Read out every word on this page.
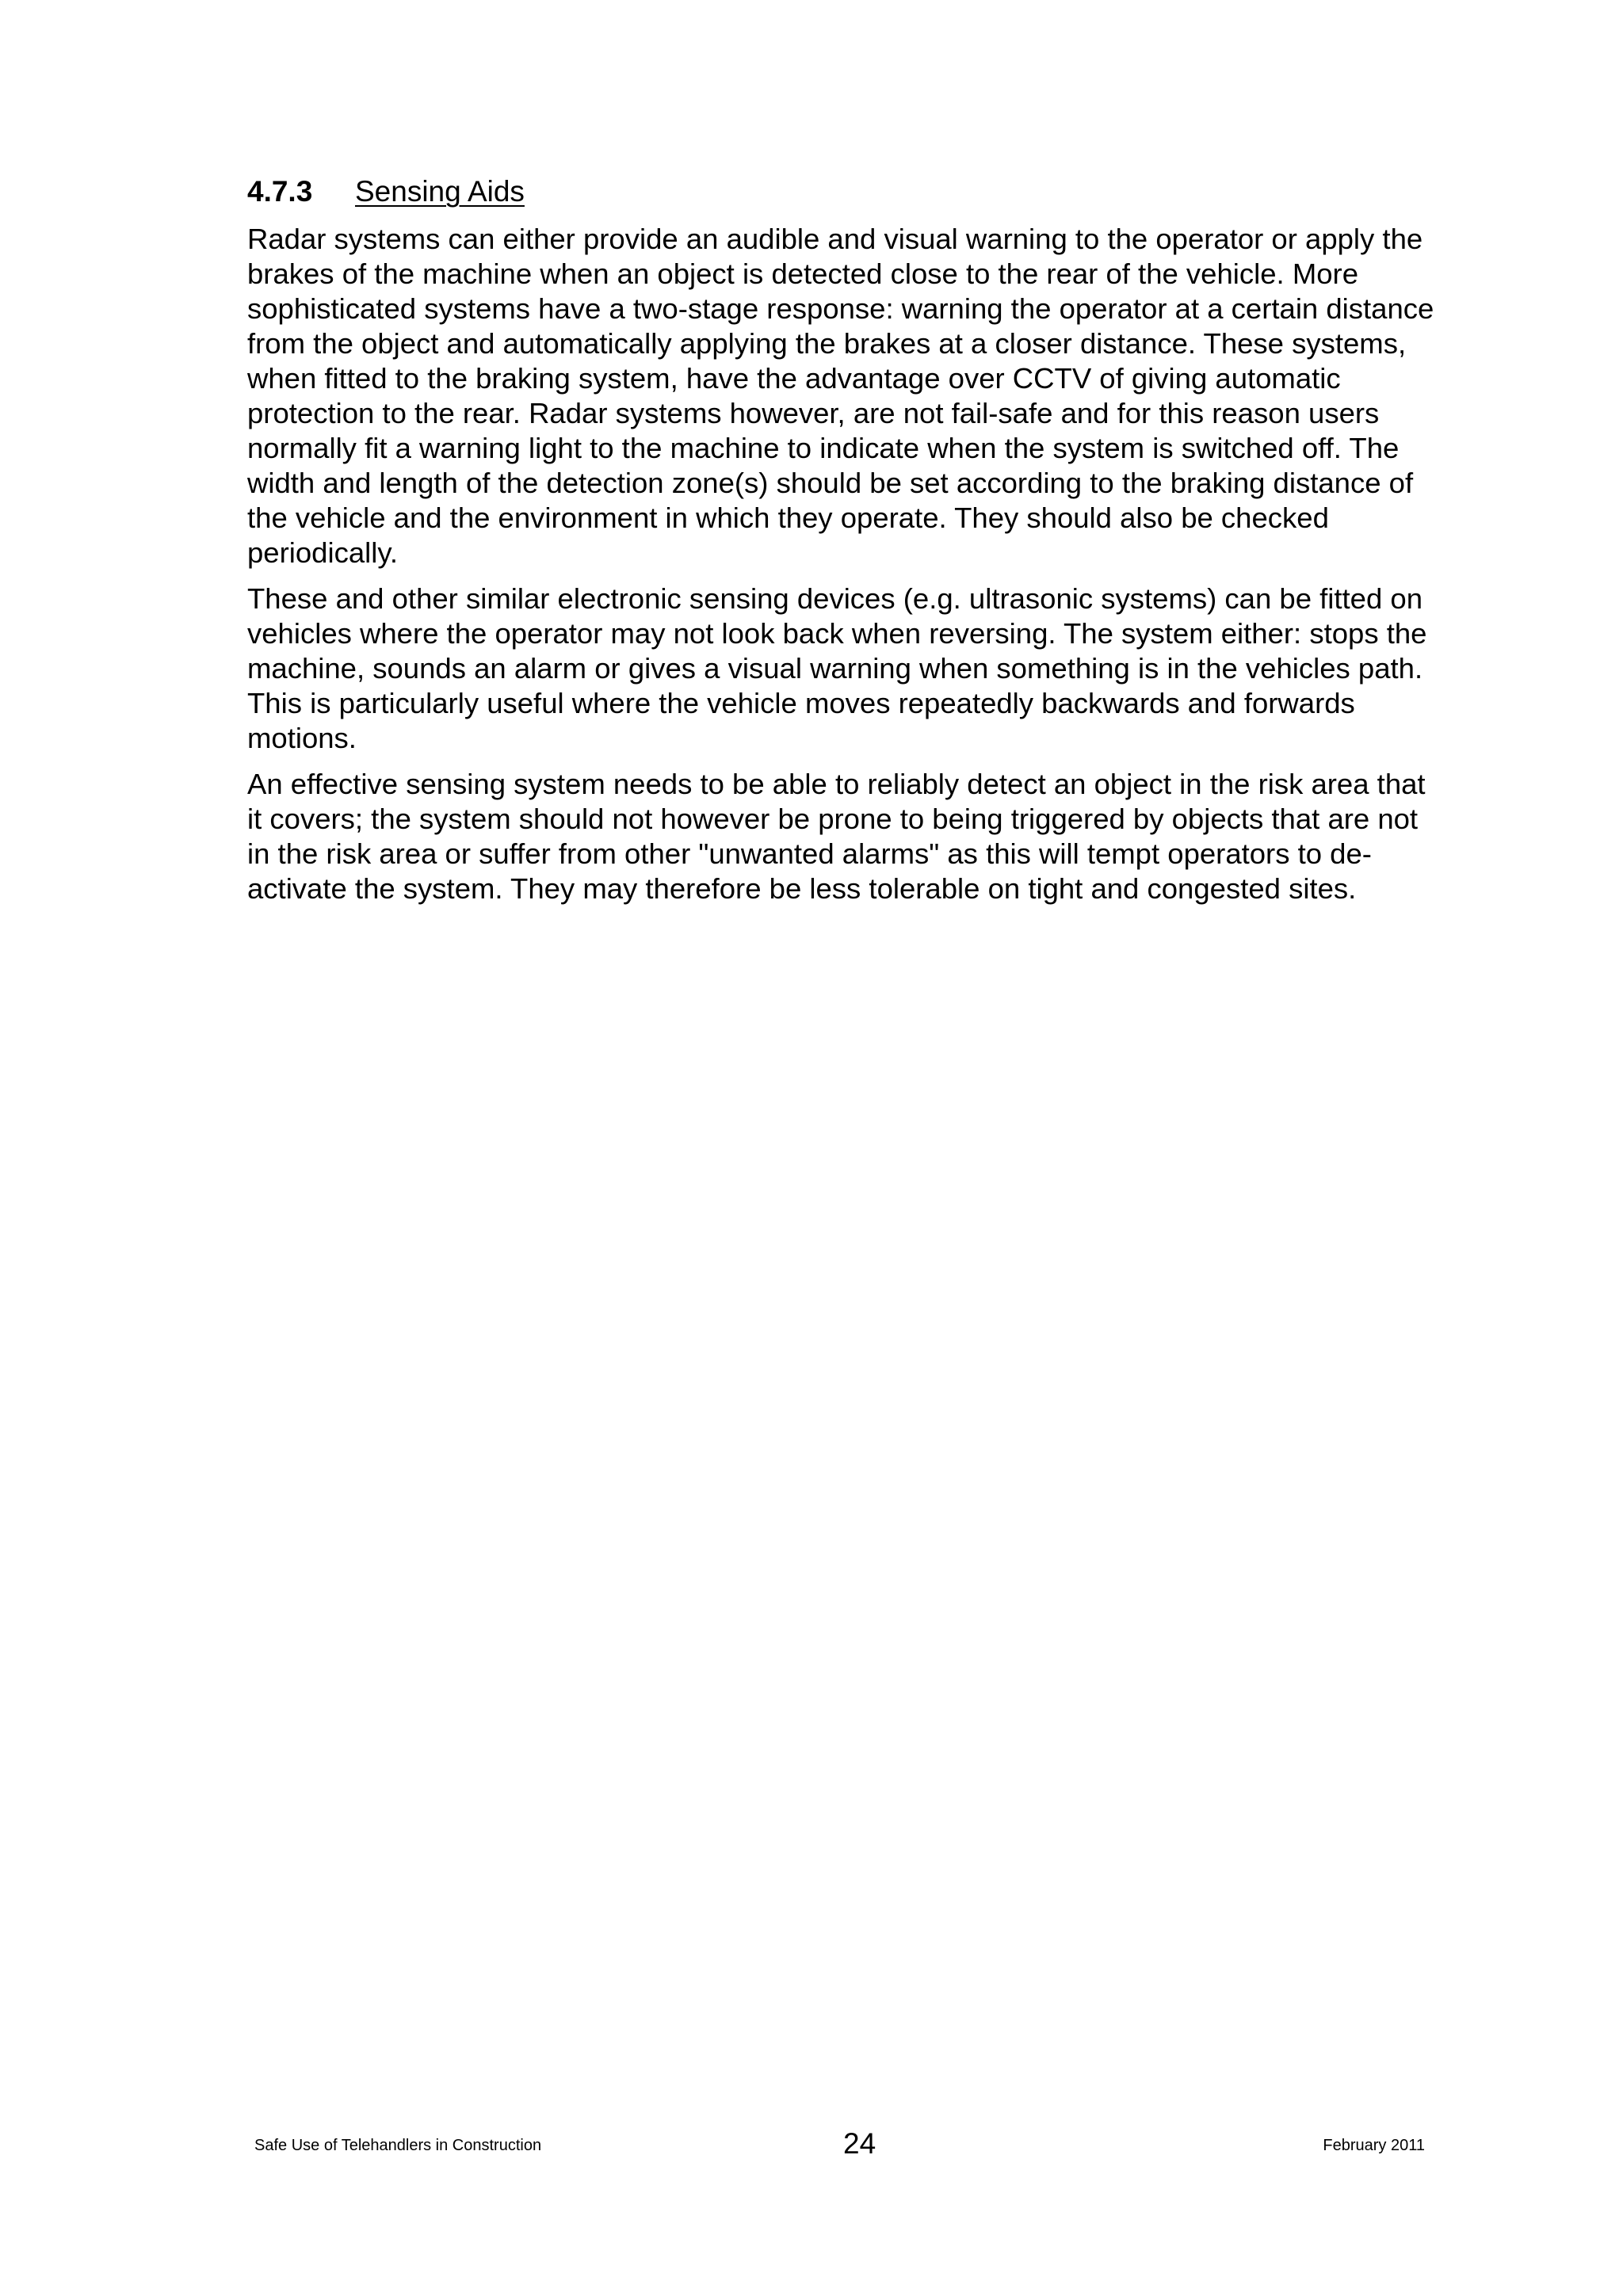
4.7.3 Sensing Aids

Radar systems can either provide an audible and visual warning to the operator or apply the brakes of the machine when an object is detected close to the rear of the vehicle. More sophisticated systems have a two-stage response: warning the operator at a certain distance from the object and automatically applying the brakes at a closer distance. These systems, when fitted to the braking system, have the advantage over CCTV of giving automatic protection to the rear. Radar systems however, are not fail-safe and for this reason users normally fit a warning light to the machine to indicate when the system is switched off. The width and length of the detection zone(s) should be set according to the braking distance of the vehicle and the environment in which they operate. They should also be checked periodically.

These and other similar electronic sensing devices (e.g. ultrasonic systems) can be fitted on vehicles where the operator may not look back when reversing. The system either: stops the machine, sounds an alarm or gives a visual warning when something is in the vehicles path. This is particularly useful where the vehicle moves repeatedly backwards and forwards motions.

An effective sensing system needs to be able to reliably detect an object in the risk area that it covers; the system should not however be prone to being triggered by objects that are not in the risk area or suffer from other "unwanted alarms" as this will tempt operators to de-activate the system. They may therefore be less tolerable on tight and congested sites.

Safe Use of Telehandlers in Construction	24	February 2011
